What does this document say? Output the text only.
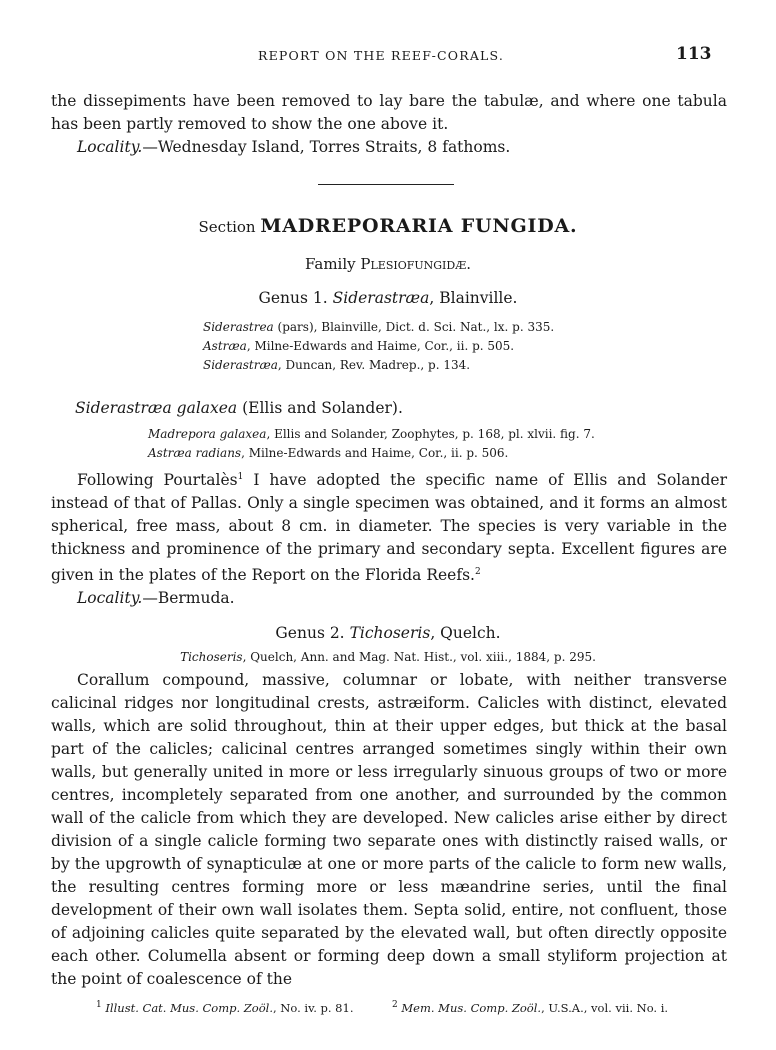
REPORT ON THE REEF-CORALS.	113

the dissepiments have been removed to lay bare the tabulæ, and where one tabula has been partly removed to show the one above it.

Locality.—Wednesday Island, Torres Straits, 8 fathoms.

Section MADREPORARIA FUNGIDA.
Family Plesiofungidæ.
Genus 1. Siderastræa, Blainville.
Siderastrea (pars), Blainville, Dict. d. Sci. Nat., lx. p. 335.
Astræa, Milne-Edwards and Haime, Cor., ii. p. 505.
Siderastræa, Duncan, Rev. Madrep., p. 134.
Siderastræa galaxea (Ellis and Solander).
Madrepora galaxea, Ellis and Solander, Zoophytes, p. 168, pl. xlvii. fig. 7.
Astræa radians, Milne-Edwards and Haime, Cor., ii. p. 506.

Following Pourtalès$^1$ I have adopted the specific name of Ellis and Solander instead of that of Pallas. Only a single specimen was obtained, and it forms an almost spherical, free mass, about 8 cm. in diameter. The species is very variable in the thickness and prominence of the primary and secondary septa. Excellent figures are given in the plates of the Report on the Florida Reefs.$^2$

Locality.—Bermuda.

Genus 2. Tichoseris, Quelch.
Tichoseris, Quelch, Ann. and Mag. Nat. Hist., vol. xiii., 1884, p. 295.

Corallum compound, massive, columnar or lobate, with neither transverse calicinal ridges nor longitudinal crests, astræiform. Calicles with distinct, elevated walls, which are solid throughout, thin at their upper edges, but thick at the basal part of the calicles; calicinal centres arranged sometimes singly within their own walls, but generally united in more or less irregularly sinuous groups of two or more centres, incompletely separated from one another, and surrounded by the common wall of the calicle from which they are developed. New calicles arise either by direct division of a single calicle forming two separate ones with distinctly raised walls, or by the upgrowth of synapticulæ at one or more parts of the calicle to form new walls, the resulting centres forming more or less mæandrine series, until the final development of their own wall isolates them. Septa solid, entire, not confluent, those of adjoining calicles quite separated by the elevated wall, but often directly opposite each other. Columella absent or forming deep down a small styliform projection at the point of coalescence of the

$^1$ Illust. Cat. Mus. Comp. Zoöl., No. iv. p. 81.	$^2$ Mem. Mus. Comp. Zoöl., U.S.A., vol. vii. No. i.
